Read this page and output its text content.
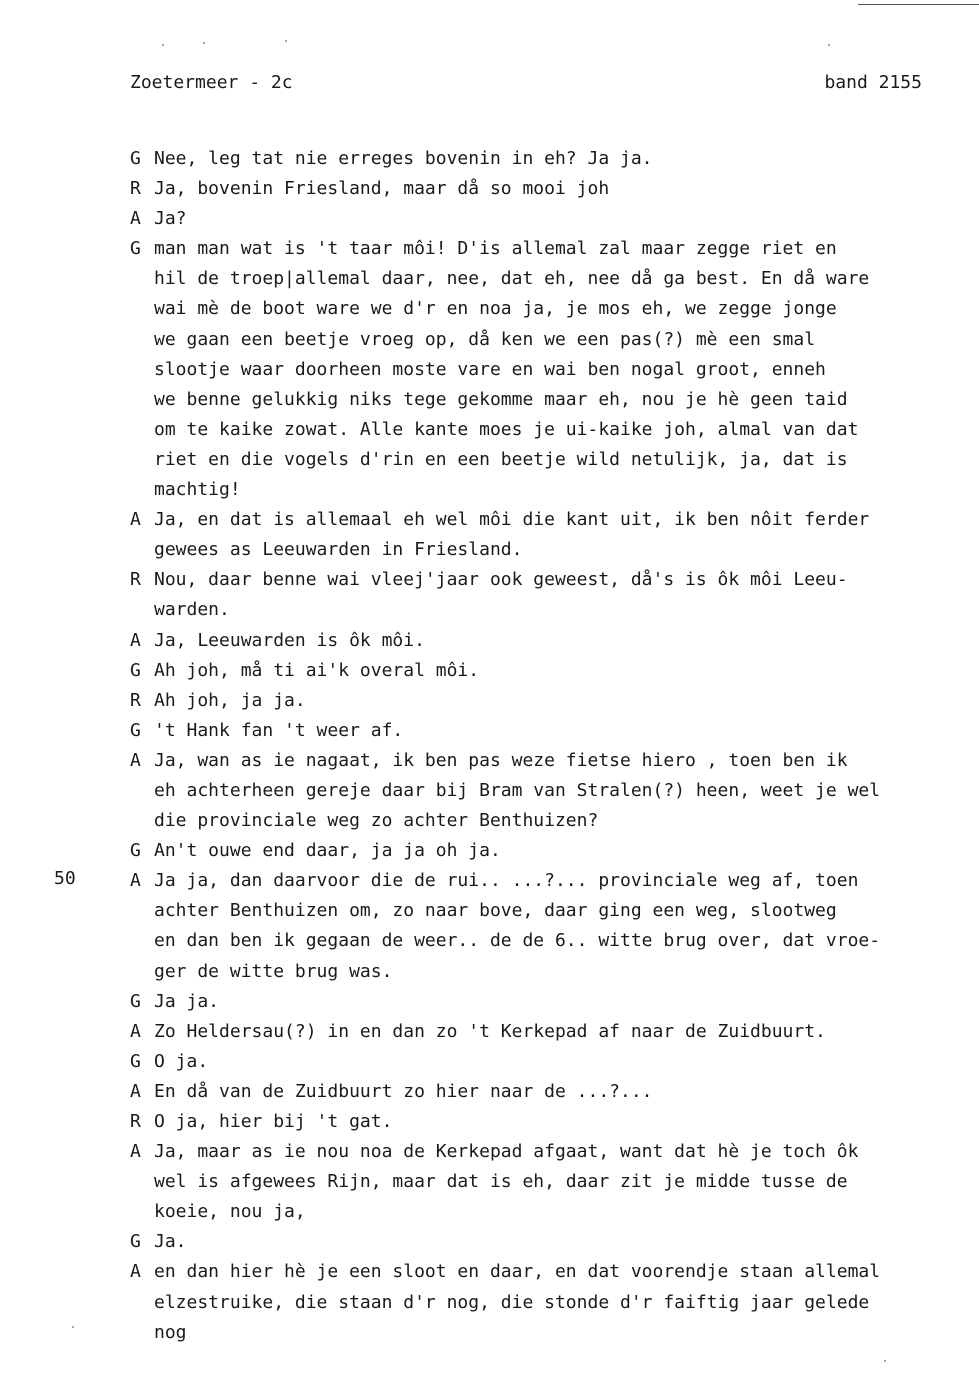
Zoetermeer - 2c	band 2155
50
G Nee, leg tat nie erreges bovenin in eh? Ja ja.
R Ja, bovenin Friesland, maar då so mooi joh
A Ja?
G man man wat is 't taar môi! D'is allemal zal maar zegge riet en
hil de troep|allemal daar, nee, dat eh, nee då ga best. En då ware
wai mè de boot ware we d'r en noa ja, je mos eh, we zegge jonge
we gaan een beetje vroeg op, då ken we een pas(?) mè een smal
slootje waar doorheen moste vare en wai ben nogal groot, enneh
we benne gelukkig niks tege gekomme maar eh, nou je hè geen taid
om te kaike zowat. Alle kante moes je ui-kaike joh, almal van dat
riet en die vogels d'rin en een beetje wild netulijk, ja, dat is
machtig!
A Ja, en dat is allemaal eh wel môi die kant uit, ik ben nôit ferder
gewees as Leeuwarden in Friesland.
R Nou, daar benne wai vleej'jaar ook geweest, då's is ôk môi Leeu-
warden.
A Ja, Leeuwarden is ôk môi.
G Ah joh, må ti ai'k overal môi.
R Ah joh, ja ja.
G 't Hank fan 't weer af.
A Ja, wan as ie nagaat, ik ben pas weze fietse hiero , toen ben ik
eh achterheen gereje daar bij Bram van Stralen(?) heen, weet je wel
die provinciale weg zo achter Benthuizen?
G An't ouwe end daar, ja ja oh ja.
A Ja ja, dan daarvoor die de rui.. ...?... provinciale weg af, toen
achter Benthuizen om, zo naar bove, daar ging een weg, slootweg
en dan ben ik gegaan de weer.. de de 6.. witte brug over, dat vroe-
ger de witte brug was.
G Ja ja.
A Zo Heldersau(?) in en dan zo 't Kerkepad af naar de Zuidbuurt.
G O ja.
A En då van de Zuidbuurt zo hier naar de ...?...
R O ja, hier bij 't gat.
A Ja, maar as ie nou noa de Kerkepad afgaat, want dat hè je toch ôk
wel is afgewees Rijn, maar dat is eh, daar zit je midde tusse de
koeie, nou ja,
G Ja.
A en dan hier hè je een sloot en daar, en dat voorendje staan allemal
elzestruike, die staan d'r nog, die stonde d'r faiftig jaar gelede
nog
